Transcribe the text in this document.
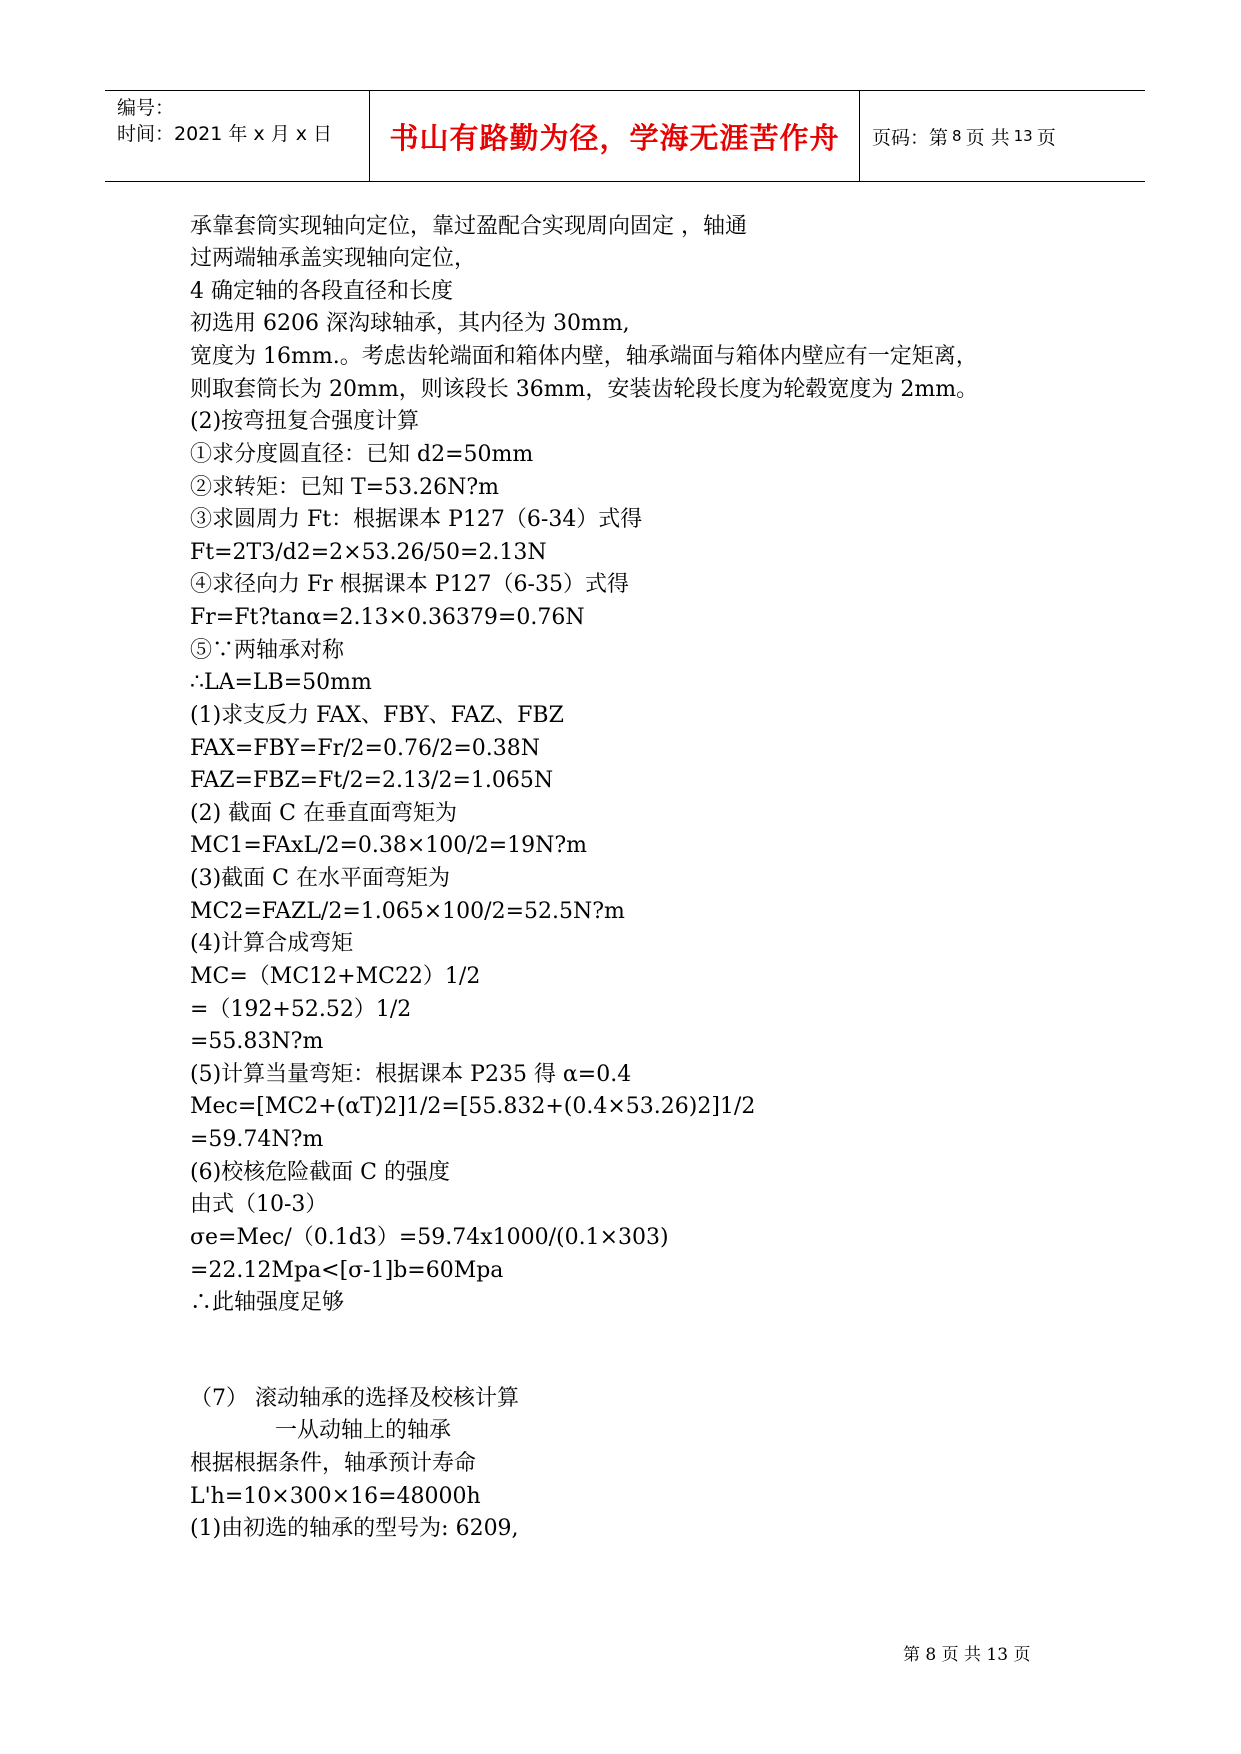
编号：
时间：2021 年 x 月 x 日 书山有路勤为径，学海无涯苦作舟 页码：第 8 页 共 13 页
承靠套筒实现轴向定位，靠过盈配合实现周向固定 ，轴通
过两端轴承盖实现轴向定位，
4 确定轴的各段直径和长度
初选用 6206 深沟球轴承，其内径为 30mm,
宽度为 16mm.。考虑齿轮端面和箱体内壁，轴承端面与箱体内壁应有一定矩离，
则取套筒长为 20mm，则该段长 36mm，安装齿轮段长度为轮毂宽度为 2mm。
(2)按弯扭复合强度计算
①求分度圆直径：已知 d2=50mm
②求转矩：已知 T=53.26N?m
③求圆周力 Ft：根据课本 P127（6-34）式得
Ft=2T3/d2=2×53.26/50=2.13N
④求径向力 Fr 根据课本 P127（6-35）式得
Fr=Ft?tanα=2.13×0.36379=0.76N
⑤∵两轴承对称
∴LA=LB=50mm
(1)求支反力 FAX、FBY、FAZ、FBZ
FAX=FBY=Fr/2=0.76/2=0.38N
FAZ=FBZ=Ft/2=2.13/2=1.065N
(2) 截面 C 在垂直面弯矩为
MC1=FAxL/2=0.38×100/2=19N?m
(3)截面 C 在水平面弯矩为
MC2=FAZL/2=1.065×100/2=52.5N?m
(4)计算合成弯矩
MC=（MC12+MC22）1/2
=（192+52.52）1/2
=55.83N?m
(5)计算当量弯矩：根据课本 P235 得 α=0.4
Mec=[MC2+(αT)2]1/2=[55.832+(0.4×53.26)2]1/2
=59.74N?m
(6)校核危险截面 C 的强度
由式（10-3）
σe=Mec/（0.1d3）=59.74x1000/(0.1×303)
=22.12Mpa<[σ-1]b=60Mpa
∴此轴强度足够
（7） 滚动轴承的选择及校核计算
一从动轴上的轴承
根据根据条件，轴承预计寿命
L'h=10×300×16=48000h
(1)由初选的轴承的型号为: 6209,
第 8 页 共 13 页
